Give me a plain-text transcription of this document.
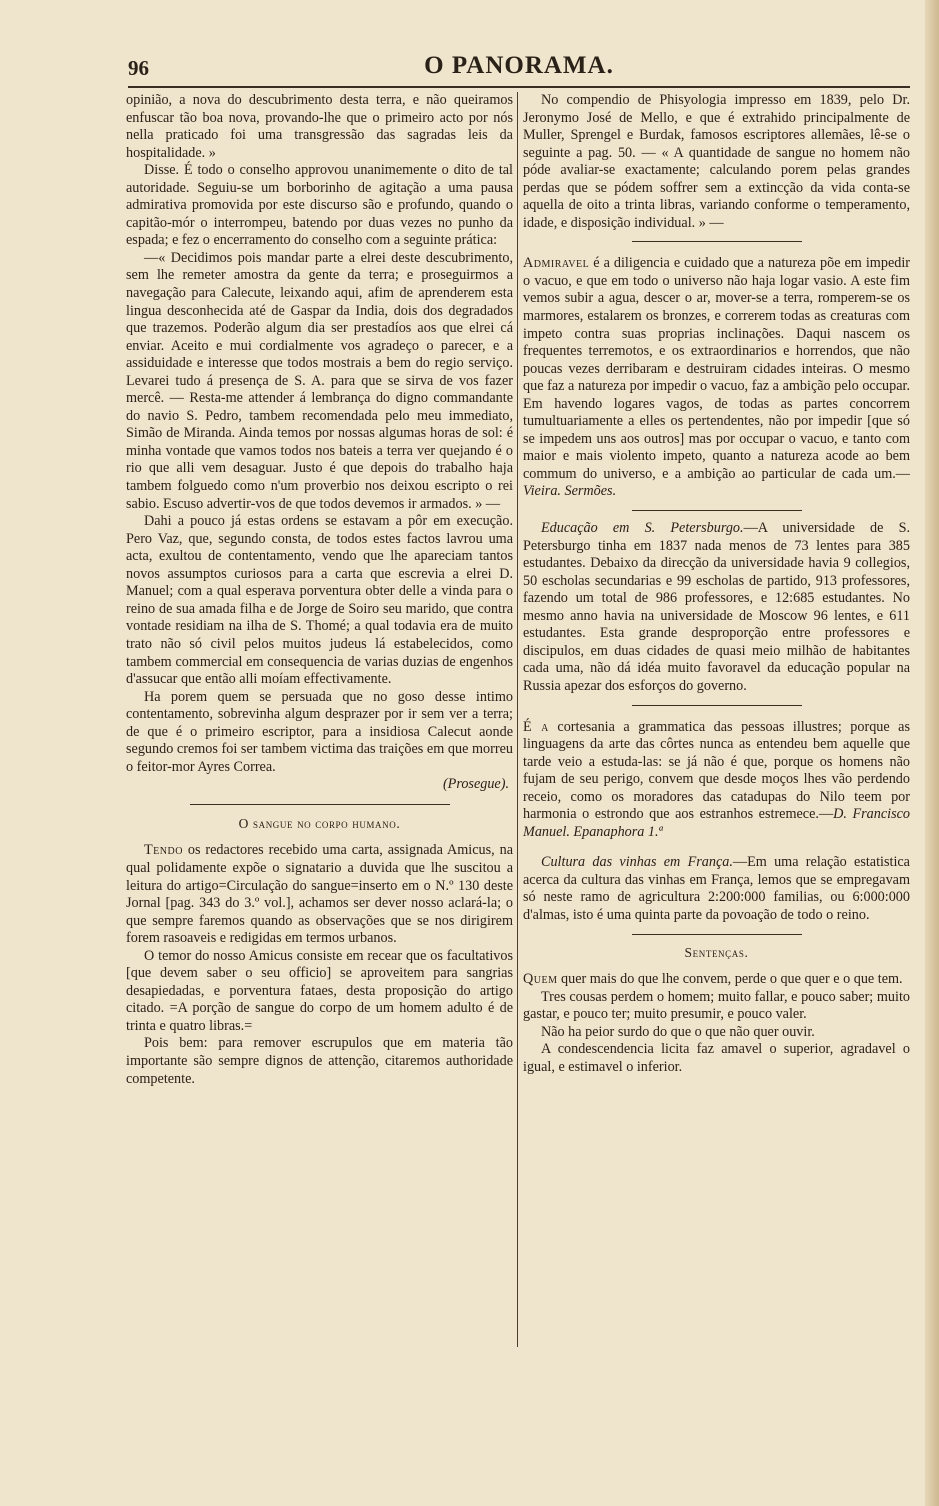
96	O PANORAMA.

opinião, a nova do descubrimento desta terra, e não queiramos enfuscar tão boa nova, provando-lhe que o primeiro acto por nós nella praticado foi uma transgressão das sagradas leis da hospitalidade. »

Disse. É todo o conselho approvou unanimemente o dito de tal autoridade. Seguiu-se um borborinho de agitação a uma pausa admirativa promovida por este discurso são e profundo, quando o capitão-mór o interrompeu, batendo por duas vezes no punho da espada; e fez o encerramento do conselho com a seguinte prática:

—« Decidimos pois mandar parte a elrei deste descubrimento, sem lhe remeter amostra da gente da terra; e proseguirmos a navegação para Calecute, leixando aqui, afim de aprenderem esta lingua desconhecida até de Gaspar da India, dois dos degradados que trazemos. Poderão algum dia ser prestadíos aos que elrei cá enviar. Aceito e mui cordialmente vos agradeço o parecer, e a assiduidade e interesse que todos mostrais a bem do regio serviço. Levarei tudo á presença de S. A. para que se sirva de vos fazer mercê. — Resta-me attender á lembrança do digno commandante do navio S. Pedro, tambem recomendada pelo meu immediato, Simão de Miranda. Ainda temos por nossas algumas horas de sol: é minha vontade que vamos todos nos bateis a terra ver quejando é o rio que alli vem desaguar. Justo é que depois do trabalho haja tambem folguedo como n'um proverbio nos deixou escripto o rei sabio. Escuso advertir-vos de que todos devemos ir armados. » —

Dahi a pouco já estas ordens se estavam a pôr em execução. Pero Vaz, que, segundo consta, de todos estes factos lavrou uma acta, exultou de contentamento, vendo que lhe apareciam tantos novos assumptos curiosos para a carta que escrevia a elrei D. Manuel; com a qual esperava porventura obter delle a vinda para o reino de sua amada filha e de Jorge de Soiro seu marido, que contra vontade residiam na ilha de S. Thomé; a qual todavia era de muito trato não só civil pelos muitos judeus lá estabelecidos, como tambem commercial em consequencia de varias duzias de engenhos d'assucar que então alli moíam effectivamente.

Ha porem quem se persuada que no goso desse intimo contentamento, sobrevinha algum desprazer por ir sem ver a terra; de que é o primeiro escriptor, para a insidiosa Calecut aonde segundo cremos foi ser tambem victima das traições em que morreu o feitor-mor Ayres Correa.

(Prosegue).

O sangue no corpo humano.

Tendo os redactores recebido uma carta, assignada Amicus, na qual polidamente expõe o signatario a duvida que lhe suscitou a leitura do artigo=Circulação do sangue=inserto em o N.º 130 deste Jornal [pag. 343 do 3.º vol.], achamos ser dever nosso aclará-la; o que sempre faremos quando as observações que se nos dirigirem forem rasoaveis e redigidas em termos urbanos.

O temor do nosso Amicus consiste em recear que os facultativos [que devem saber o seu officio] se aproveitem para sangrias desapiedadas, e porventura fataes, desta proposição do artigo citado. =A porção de sangue do corpo de um homem adulto é de trinta e quatro libras.=

Pois bem: para remover escrupulos que em materia tão importante são sempre dignos de attenção, citaremos authoridade competente.

No compendio de Phisyologia impresso em 1839, pelo Dr. Jeronymo José de Mello, e que é extrahido principalmente de Muller, Sprengel e Burdak, famosos escriptores allemães, lê-se o seguinte a pag. 50. — « A quantidade de sangue no homem não póde avaliar-se exactamente; calculando porem pelas grandes perdas que se pódem soffrer sem a extincção da vida conta-se aquella de oito a trinta libras, variando conforme o temperamento, idade, e disposição individual. » —

Admiravel é a diligencia e cuidado que a natureza põe em impedir o vacuo, e que em todo o universo não haja logar vasio. A este fim vemos subir a agua, descer o ar, mover-se a terra, romperem-se os marmores, estalarem os bronzes, e correrem todas as creaturas com impeto contra suas proprias inclinações. Daqui nascem os frequentes terremotos, e os extraordinarios e horrendos, que não poucas vezes derribaram e destruiram cidades inteiras. O mesmo que faz a natureza por impedir o vacuo, faz a ambição pelo occupar. Em havendo logares vagos, de todas as partes concorrem tumultuariamente a elles os pertendentes, não por impedir [que só se impedem uns aos outros] mas por occupar o vacuo, e tanto com maior e mais violento impeto, quanto a natureza acode ao bem commum do universo, e a ambição ao particular de cada um.—Vieira. Sermões.

Educação em S. Petersburgo.—A universidade de S. Petersburgo tinha em 1837 nada menos de 73 lentes para 385 estudantes. Debaixo da direcção da universidade havia 9 collegios, 50 escholas secundarias e 99 escholas de partido, 913 professores, fazendo um total de 986 professores, e 12:685 estudantes. No mesmo anno havia na universidade de Moscow 96 lentes, e 611 estudantes. Esta grande desproporção entre professores e discipulos, em duas cidades de quasi meio milhão de habitantes cada uma, não dá idéa muito favoravel da educação popular na Russia apezar dos esforços do governo.

É a cortesania a grammatica das pessoas illustres; porque as linguagens da arte das côrtes nunca as entendeu bem aquelle que tarde veio a estuda-las: se já não é que, porque os homens não fujam de seu perigo, convem que desde moços lhes vão perdendo receio, como os moradores das catadupas do Nilo teem por harmonia o estrondo que aos estranhos estremece.—D. Francisco Manuel. Epanaphora 1.ª

Cultura das vinhas em França.—Em uma relação estatistica acerca da cultura das vinhas em França, lemos que se empregavam só neste ramo de agricultura 2:200:000 familias, ou 6:000:000 d'almas, isto é uma quinta parte da povoação de todo o reino.

Sentenças.

Quem quer mais do que lhe convem, perde o que quer e o que tem.

Tres cousas perdem o homem; muito fallar, e pouco saber; muito gastar, e pouco ter; muito presumir, e pouco valer.

Não ha peior surdo do que o que não quer ouvir.

A condescendencia licita faz amavel o superior, agradavel o igual, e estimavel o inferior.
